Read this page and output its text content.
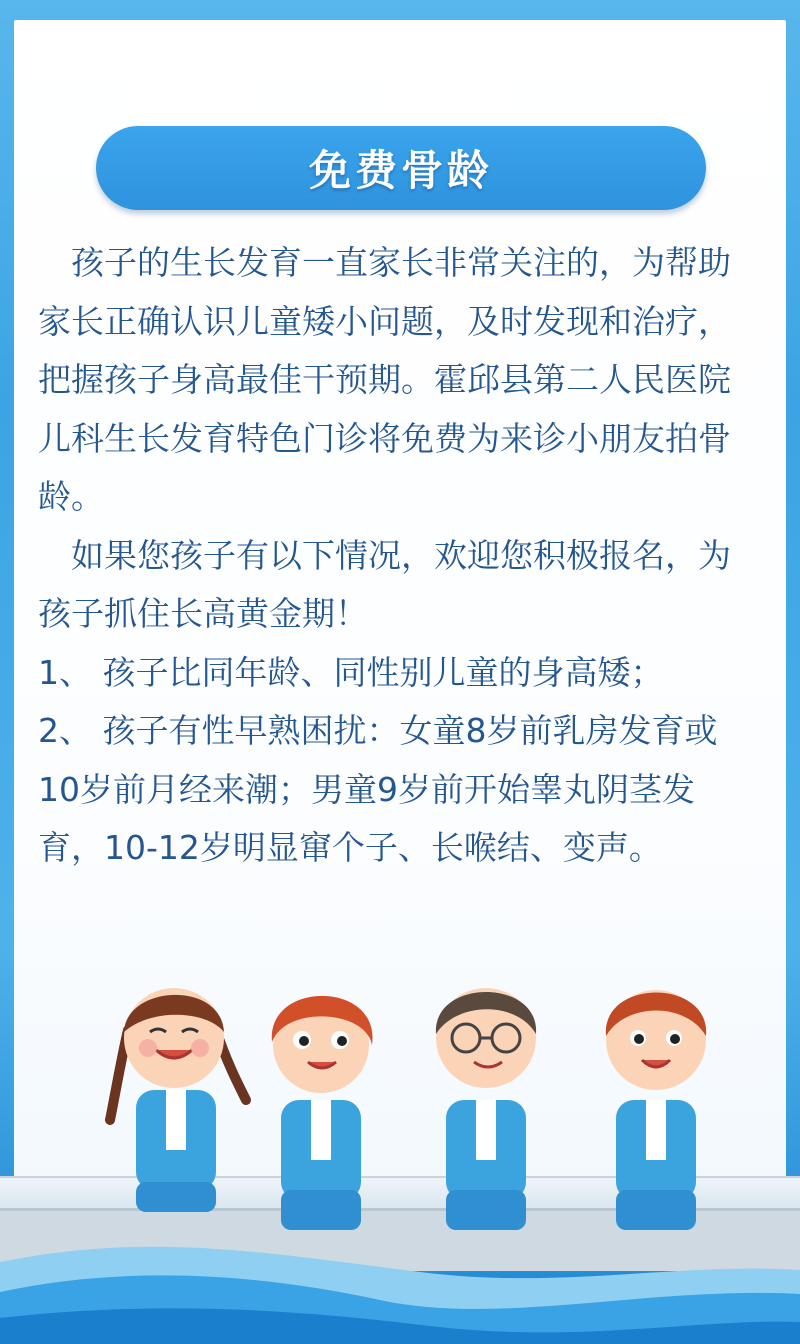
免费骨龄

孩子的生长发育一直家长非常关注的，为帮助家长正确认识儿童矮小问题，及时发现和治疗，把握孩子身高最佳干预期。霍邱县第二人民医院儿科生长发育特色门诊将免费为来诊小朋友拍骨龄。

如果您孩子有以下情况，欢迎您积极报名，为孩子抓住长高黄金期！

1、 孩子比同年龄、同性别儿童的身高矮；

2、 孩子有性早熟困扰：女童8岁前乳房发育或10岁前月经来潮；男童9岁前开始睾丸阴茎发育，10-12岁明显窜个子、长喉结、变声。
